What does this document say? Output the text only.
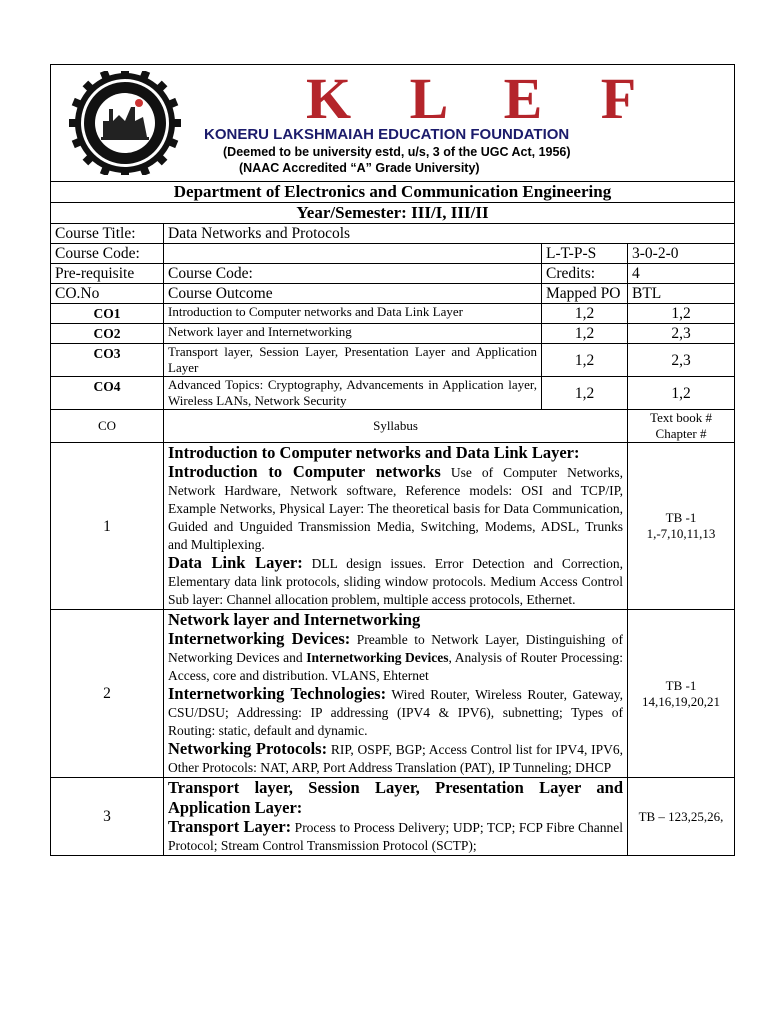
K L E F
KONERU LAKSHMAIAH EDUCATION FOUNDATION
(Deemed to be university estd, u/s, 3 of the UGC Act, 1956)
(NAAC Accredited “A” Grade University)			

Department of Electronics and Communication Engineering			
Year/Semester: III/I, III/II			
Course Title:	Data Networks and Protocols		
Course Code:		L-T-P-S	3-0-2-0
Pre-requisite	Course Code:	Credits:	4
CO.No	Course Outcome	Mapped PO	BTL
CO1	Introduction to Computer networks and Data Link Layer	1,2	1,2
CO2	Network layer and Internetworking	1,2	2,3
CO3	Transport layer, Session Layer, Presentation Layer and Application Layer	1,2	2,3
CO4	Advanced Topics: Cryptography, Advancements in Application layer, Wireless LANs, Network Security	1,2	1,2
CO	Syllabus		Text book # Chapter #
1	Introduction to Computer networks and Data Link Layer:
Introduction to Computer networks Use of Computer Networks, Network Hardware, Network software, Reference models: OSI and TCP/IP, Example Networks, Physical Layer: The theoretical basis for Data Communication, Guided and Unguided Transmission Media, Switching, Modems, ADSL, Trunks and Multiplexing.
Data Link Layer: DLL design issues. Error Detection and Correction, Elementary data link protocols, sliding window protocols. Medium Access Control Sub layer: Channel allocation problem, multiple access protocols, Ethernet.		TB -1 1,-7,10,11,13
2	Network layer and Internetworking
Internetworking Devices: Preamble to Network Layer, Distinguishing of Networking Devices and Internetworking Devices, Analysis of Router Processing: Access, core and distribution. VLANS, Ehternet
Internetworking Technologies: Wired Router, Wireless Router, Gateway, CSU/DSU; Addressing: IP addressing (IPV4 & IPV6), subnetting; Types of Routing: static, default and dynamic.
Networking Protocols: RIP, OSPF, BGP; Access Control list for IPV4, IPV6, Other Protocols: NAT, ARP, Port Address Translation (PAT), IP Tunneling; DHCP		TB -1 14,16,19,20,21
3	Transport layer, Session Layer, Presentation Layer and Application Layer:
Transport Layer: Process to Process Delivery; UDP; TCP; FCP Fibre Channel Protocol; Stream Control Transmission Protocol (SCTP);		TB – 123,25,26,
